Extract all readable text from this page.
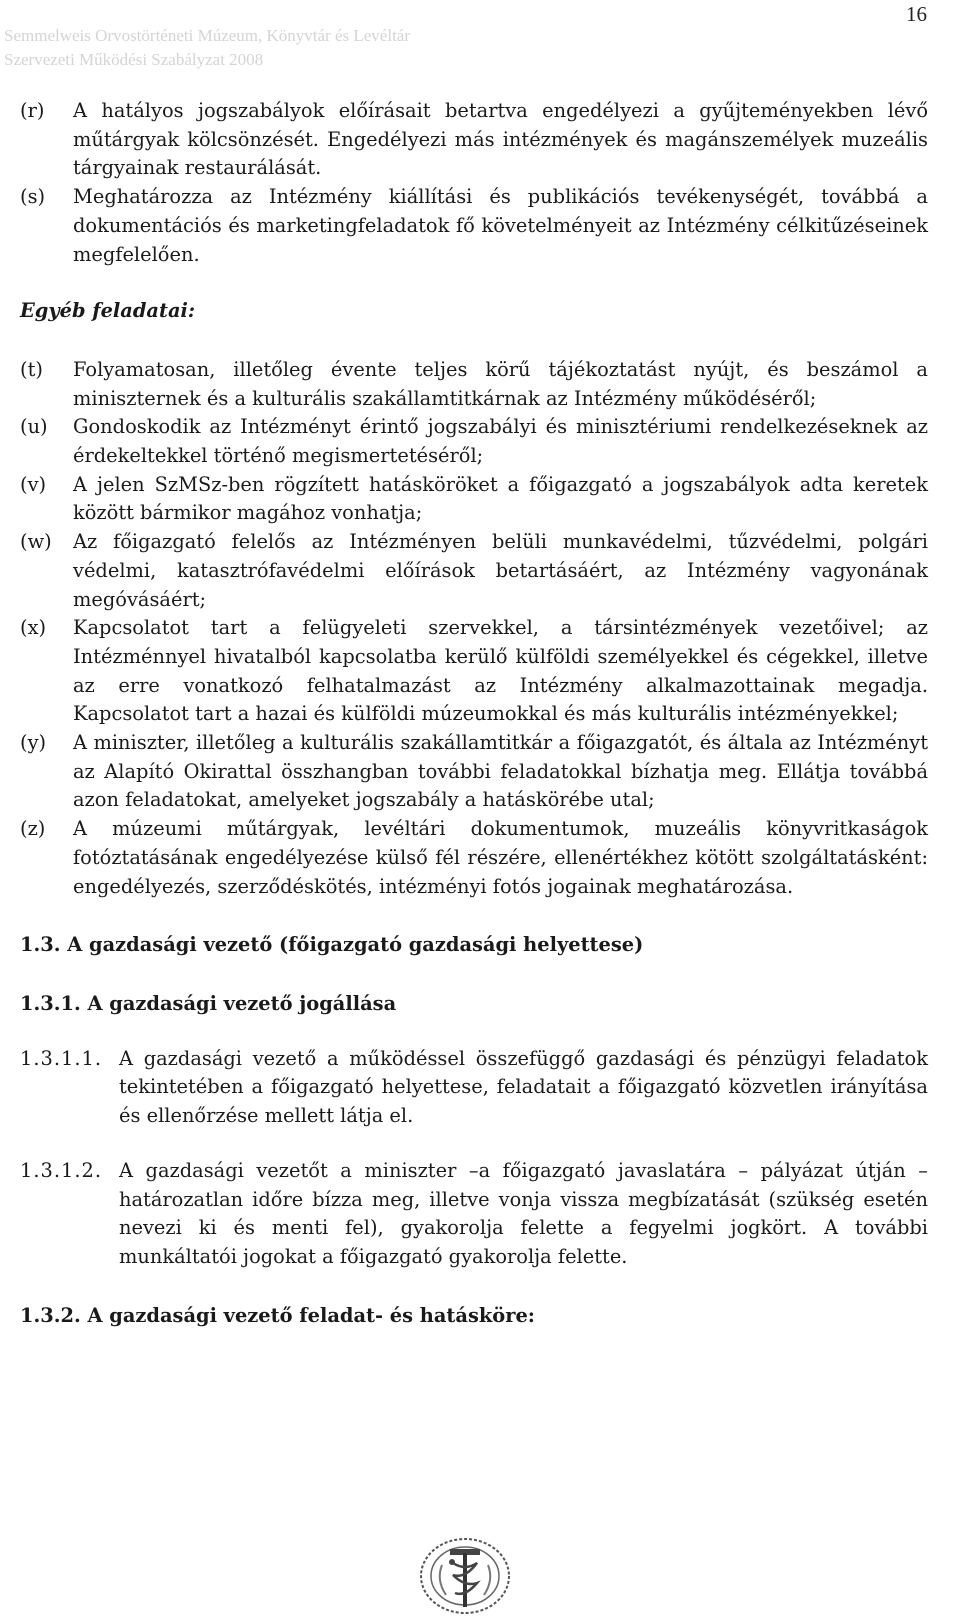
16
Semmelweis Orvostörténeti Múzeum, Könyvtár és Levéltár
Szervezeti Működési Szabályzat 2008
(r)	A hatályos jogszabályok előírásait betartva engedélyezi a gyűjteményekben lévő műtárgyak kölcsönzését. Engedélyezi más intézmények és magánszemélyek muzeális tárgyainak restaurálását.
(s)	Meghatározza az Intézmény kiállítási és publikációs tevékenységét, továbbá a dokumentációs és marketingfeladatok fő követelményeit az Intézmény célkitűzéseinek megfelelően.
Egyéb feladatai:
(t)	Folyamatosan, illetőleg évente teljes körű tájékoztatást nyújt, és beszámol a miniszternek és a kulturális szakállamtitkárnak az Intézmény működéséről;
(u)	Gondoskodik az Intézményt érintő jogszabályi és minisztériumi rendelkezéseknek az érdekeltekkel történő megismertetéséről;
(v)	A jelen SzMSz-ben rögzített hatásköröket a főigazgató a jogszabályok adta keretek között bármikor magához vonhatja;
(w)	Az főigazgató felelős az Intézményen belüli munkavédelmi, tűzvédelmi, polgári védelmi, katasztrófavédelmi előírások betartásáért, az Intézmény vagyonának megóvásáért;
(x)	Kapcsolatot tart a felügyeleti szervekkel, a társintézmények vezetőivel; az Intézménnyel hivatalból kapcsolatba kerülő külföldi személyekkel és cégekkel, illetve az erre vonatkozó felhatalmazást az Intézmény alkalmazottainak megadja. Kapcsolatot tart a hazai és külföldi múzeumokkal és más kulturális intézményekkel;
(y)	A miniszter, illetőleg a kulturális szakállamtitkár a főigazgatót, és általa az Intézményt az Alapító Okirattal összhangban további feladatokkal bízhatja meg. Ellátja továbbá azon feladatokat, amelyeket jogszabály a hatáskörébe utal;
(z)	A múzeumi műtárgyak, levéltári dokumentumok, muzeális könyvritkaságok fotóztatásának engedélyezése külső fél részére, ellenértékhez kötött szolgáltatásként: engedélyezés, szerződéskötés, intézményi fotós jogainak meghatározása.
1.3. A gazdasági vezető (főigazgató gazdasági helyettese)
1.3.1. A gazdasági vezető jogállása
1.3.1.1. A gazdasági vezető a működéssel összefüggő gazdasági és pénzügyi feladatok tekintetében a főigazgató helyettese, feladatait a főigazgató közvetlen irányítása és ellenőrzése mellett látja el.
1.3.1.2. A gazdasági vezetőt a miniszter –a főigazgató javaslatára – pályázat útján – határozatlan időre bízza meg, illetve vonja vissza megbízatását (szükség esetén nevezi ki és menti fel), gyakorolja felette a fegyelmi jogkört. A további munkáltatói jogokat a főigazgató gyakorolja felette.
1.3.2. A gazdasági vezető feladat- és hatásköre:
